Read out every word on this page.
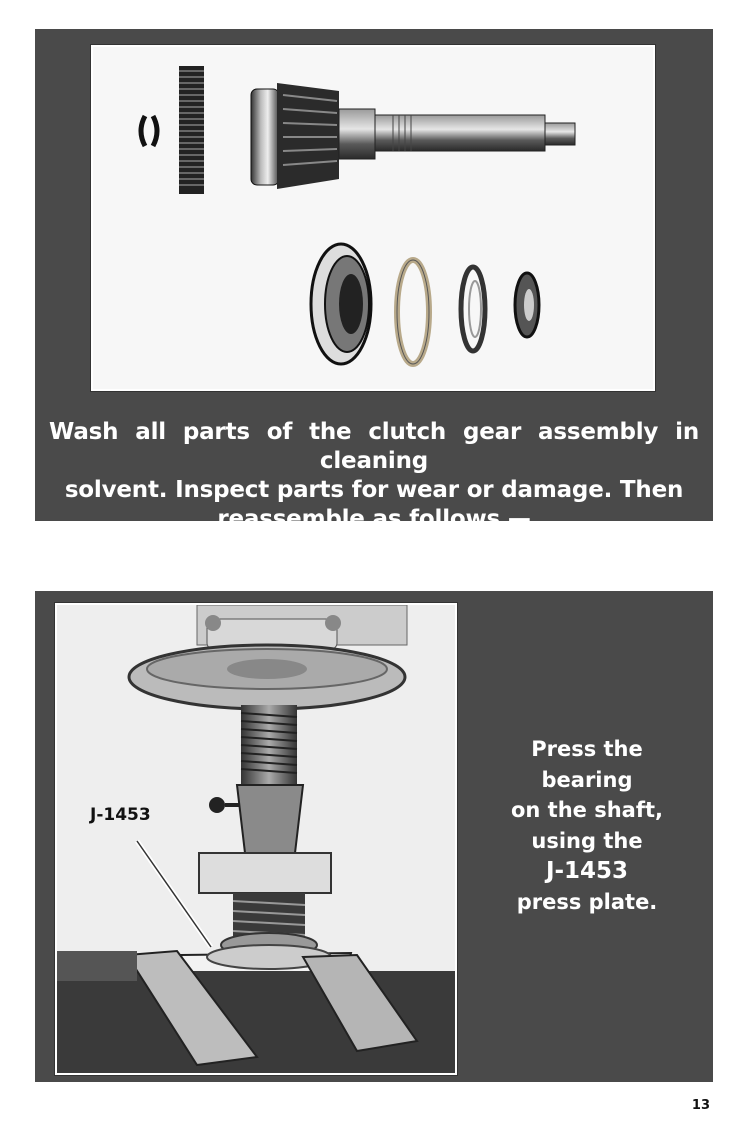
Wash all parts of the clutch gear assembly in cleaning
solvent. Inspect parts for wear or damage. Then
reassemble as follows —
Press the
bearing
on the shaft,
using the
J-1453
press plate.
J-1453
13
